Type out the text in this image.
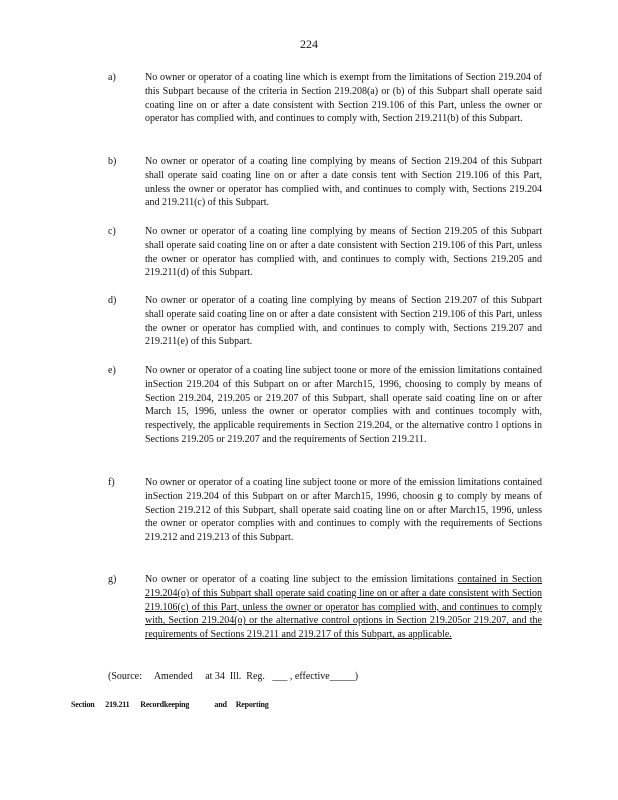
224
a)	No owner or operator of a coating line which is exempt from the limitations of Section 219.204 of this Subpart because of the criteria in Section 219.208(a) or (b) of this Subpart shall operate said coating line on or after a date consistent with Section 219.106 of this Part, unless the owner or operator has complied with, and continues to comply with, Section 219.211(b) of this Subpart.
b)	No owner or operator of a coating line complying by means of Section 219.204 of this Subpart shall operate said coating line on or after a date consis tent with Section 219.106 of this Part, unless the owner or operator has complied with, and continues to comply with, Sections 219.204 and 219.211(c) of this Subpart.
c)	No owner or operator of a coating line complying by means of Section 219.205 of this Subpart shall operate said coating line on or after a date consistent with Section 219.106 of this Part, unless the owner or operator has complied with, and continues to comply with, Sections 219.205 and 219.211(d) of this Subpart.
d)	No owner or operator of a coating line complying by means of Section 219.207 of this Subpart shall operate said coating line on or after a date consistent with Section 219.106 of this Part, unless the owner or operator has complied with, and continues to comply with, Sections 219.207 and 219.211(e) of this Subpart.
e)	No owner or operator of a coating line subject toone or more of the emission limitations contained inSection 219.204 of this Subpart on or after March15, 1996, choosing to comply by means of Section 219.204, 219.205 or 219.207 of this Subpart, shall operate said coating line on or after March 15, 1996, unless the owner or operator complies with and continues tocomply with, respectively, the applicable requirements in Section 219.204, or the alternative contro l options in Sections 219.205 or 219.207 and the requirements of Section 219.211.
f)	No owner or operator of a coating line subject toone or more of the emission limitations contained inSection 219.204 of this Subpart on or after March15, 1996, choosin g to comply by means of Section 219.212 of this Subpart, shall operate said coating line on or after March15, 1996, unless the owner or operator complies with and continues to comply with the requirements of Sections 219.212 and 219.213 of this Subpart.
g)	No owner or operator of a coating line subject to the emission limitations contained in Section 219.204(o) of this Subpart shall operate said coating line on or after a date consistent with Section 219.106(c) of this Part, unless the owner or operator has complied with, and continues to comply with, Section 219.204(o) or the alternative control options in Section 219.205or 219.207, and the requirements of Sections 219.211 and 219.217 of this Subpart, as applicable.
(Source:     Amended     at 34  Ill.  Reg.   ___ , effective_____)
Section      219.211      Recordkeeping              and     Reporting
